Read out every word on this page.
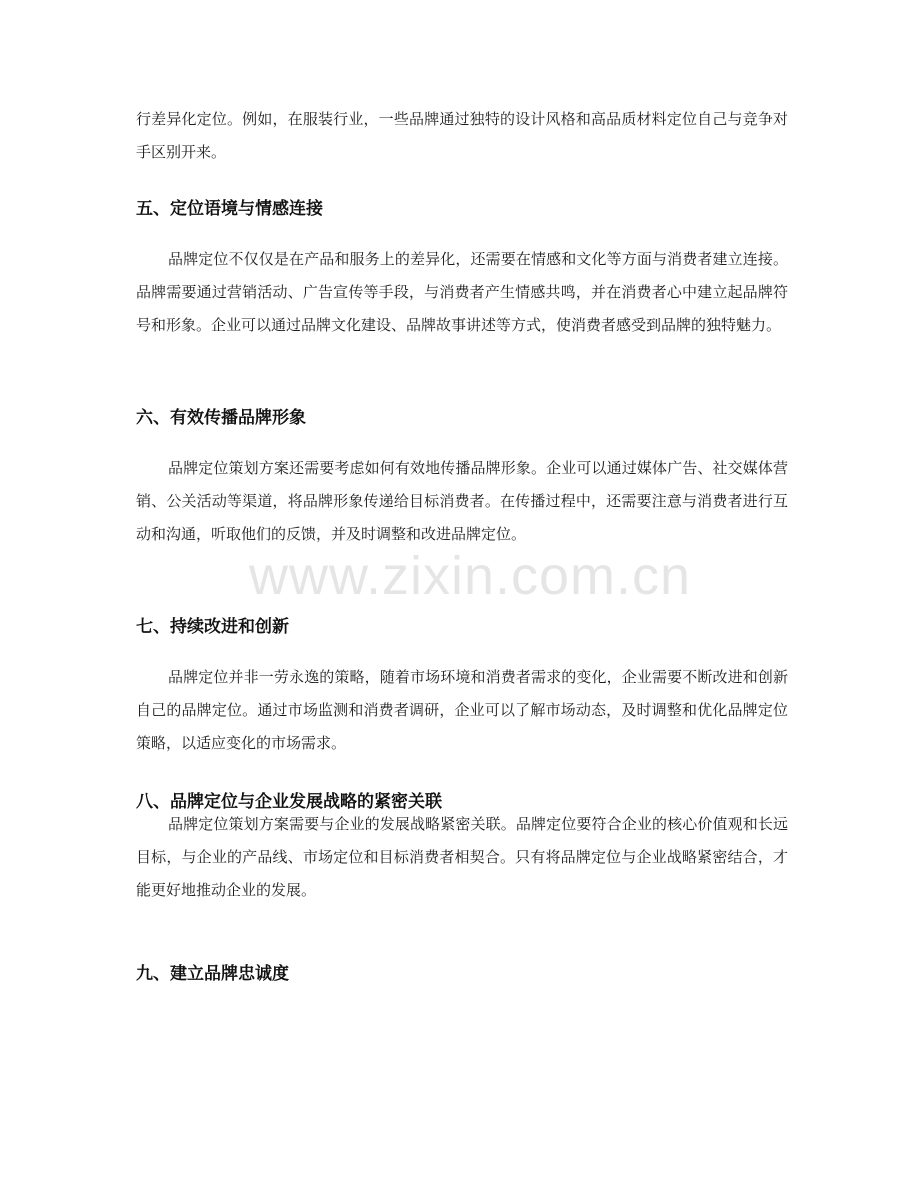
行差异化定位。例如，在服装行业，一些品牌通过独特的设计风格和高品质材料定位自己与竞争对手区别开来。
五、定位语境与情感连接
品牌定位不仅仅是在产品和服务上的差异化，还需要在情感和文化等方面与消费者建立连接。品牌需要通过营销活动、广告宣传等手段，与消费者产生情感共鸣，并在消费者心中建立起品牌符号和形象。企业可以通过品牌文化建设、品牌故事讲述等方式，使消费者感受到品牌的独特魅力。
六、有效传播品牌形象
品牌定位策划方案还需要考虑如何有效地传播品牌形象。企业可以通过媒体广告、社交媒体营销、公关活动等渠道，将品牌形象传递给目标消费者。在传播过程中，还需要注意与消费者进行互动和沟通，听取他们的反馈，并及时调整和改进品牌定位。
七、持续改进和创新
品牌定位并非一劳永逸的策略，随着市场环境和消费者需求的变化，企业需要不断改进和创新自己的品牌定位。通过市场监测和消费者调研，企业可以了解市场动态，及时调整和优化品牌定位策略，以适应变化的市场需求。
八、品牌定位与企业发展战略的紧密关联
品牌定位策划方案需要与企业的发展战略紧密关联。品牌定位要符合企业的核心价值观和长远目标，与企业的产品线、市场定位和目标消费者相契合。只有将品牌定位与企业战略紧密结合，才能更好地推动企业的发展。
九、建立品牌忠诚度
www.zixin.com.cn
